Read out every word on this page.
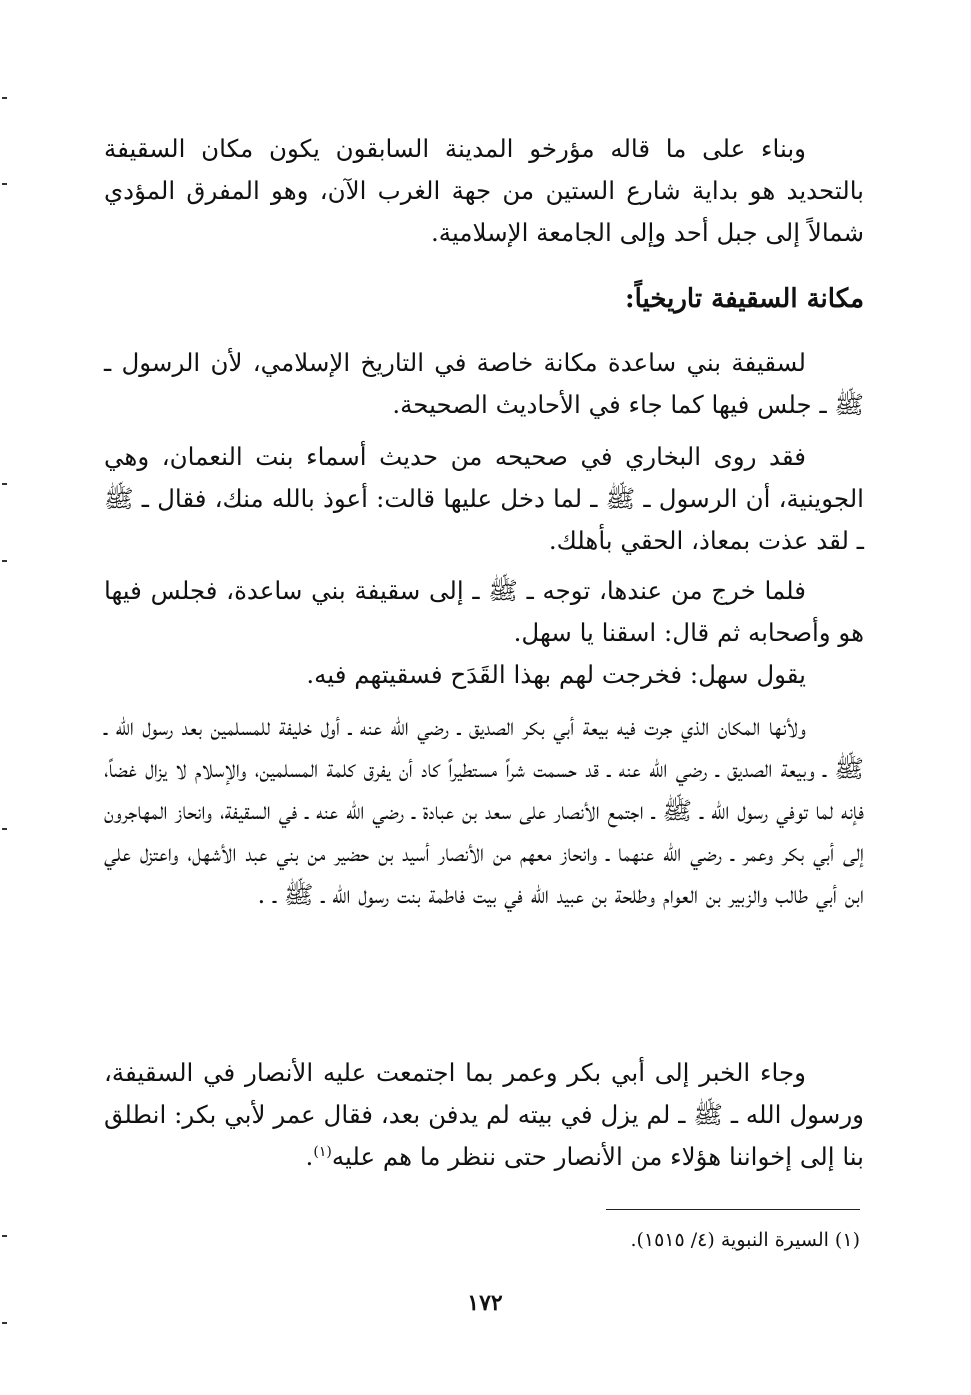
وبناء على ما قاله مؤرخو المدينة السابقون يكون مكان السقيفة بالتحديد هو بداية شارع الستين من جهة الغرب الآن، وهو المفرق المؤدي شمالاً إلى جبل أحد وإلى الجامعة الإسلامية.

مكانة السقيفة تاريخياً:

لسقيفة بني ساعدة مكانة خاصة في التاريخ الإسلامي، لأن الرسول ـ ﷺ ـ جلس فيها كما جاء في الأحاديث الصحيحة.

فقد روى البخاري في صحيحه من حديث أسماء بنت النعمان، وهي الجوينية، أن الرسول ـ ﷺ ـ لما دخل عليها قالت: أعوذ بالله منك، فقال ـ ﷺ ـ لقد عذت بمعاذ، الحقي بأهلك.

فلما خرج من عندها، توجه ـ ﷺ ـ إلى سقيفة بني ساعدة، فجلس فيها هو وأصحابه ثم قال: اسقنا يا سهل.

يقول سهل: فخرجت لهم بهذا القَدَح فسقيتهم فيه.

ولأنها المكان الذي جرت فيه بيعة أبي بكر الصديق ـ رضي الله عنه ـ أول خليفة للمسلمين بعد رسول الله ـ ﷺ ـ وبيعة الصديق ـ رضي الله عنه ـ قد حسمت شراً مستطيراً كاد أن يفرق كلمة المسلمين، والإسلام لا يزال غضاً، فإنه لما توفي رسول الله ـ ﷺ ـ اجتمع الأنصار على سعد بن عبادة ـ رضي الله عنه ـ في السقيفة، وانحاز المهاجرون إلى أبي بكر وعمر ـ رضي الله عنهما ـ وانحاز معهم من الأنصار أسيد بن حضير من بني عبد الأشهل، واعتزل علي ابن أبي طالب والزبير بن العوام وطلحة بن عبيد الله في بيت فاطمة بنت رسول الله ـ ﷺ ـ .

وجاء الخبر إلى أبي بكر وعمر بما اجتمعت عليه الأنصار في السقيفة، ورسول الله ـ ﷺ ـ لم يزل في بيته لم يدفن بعد، فقال عمر لأبي بكر: انطلق بنا إلى إخواننا هؤلاء من الأنصار حتى ننظر ما هم عليه$^{(١)}$.

(١) السيرة النبوية (٤/ ١٥١٥).
١٧٢
